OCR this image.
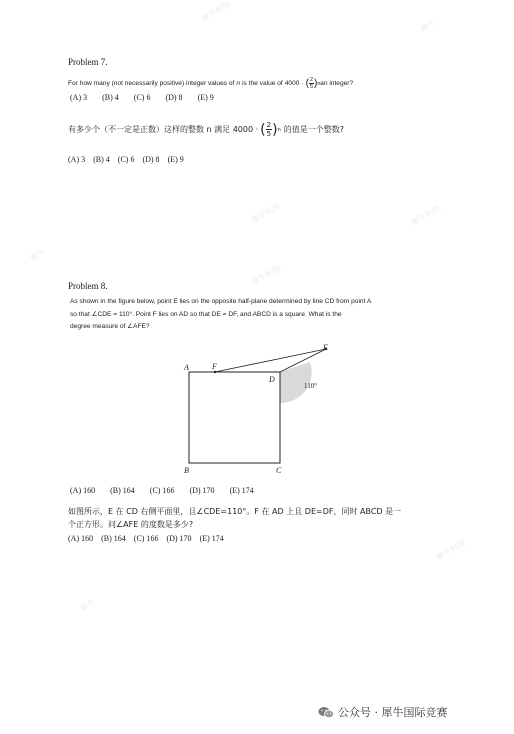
犀牛科技
犀牛
犀牛科技	犀牛科技
犀牛
犀牛科技
犀牛
犀牛科技
Problem 7.
For how many (not necessarily positive) integer values of n is the value of 4000 · ( $\frac{2}{5}$ ) n an integer?
(A) 3 (B) 4 (C) 6 (D) 8 (E) 9
有多少个（不一定是正数）这样的整数 n 满足 4000 · ( $\frac{2}{5}$ ) n 的值是一个整数?
(A) 3 (B) 4 (C) 6 (D) 8 (E) 9
Problem 8.
As shown in the figure below, point E lies on the opposite half-plane determined by line CD from point A
so that ∠CDE = 110°. Point F lies on AD so that DE = DF, and ABCD is a square. What is the
degree measure of ∠AFE?
A	F
D
E
B	C
110°
(A) 160 (B) 164 (C) 166 (D) 170 (E) 174
如图所示，E 在 CD 右侧平面里，且∠CDE=110°。F 在 AD 上且 DE=DF，同时 ABCD 是一
个正方形。问∠AFE 的度数是多少?
(A) 160 (B) 164 (C) 166 (D) 170 (E) 174
公众号 · 犀牛国际竞赛
